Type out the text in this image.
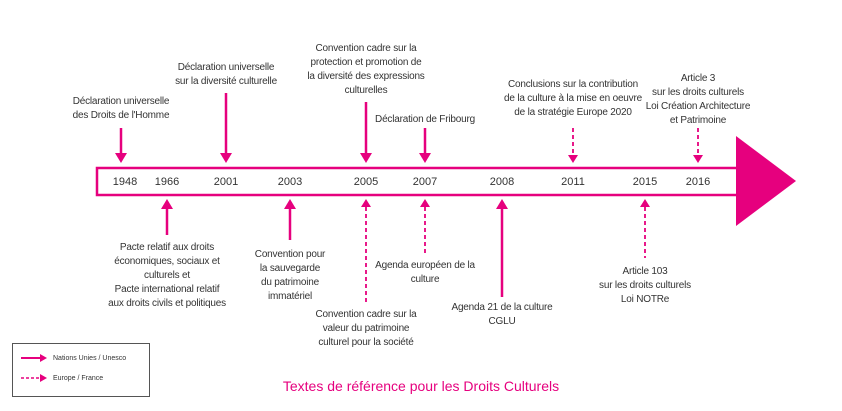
1948	1966	2001	2003	2005	2007	2008	2011	2015	2016
Déclaration universelle
des Droits de l'Homme
Déclaration universelle
sur la diversité culturelle
Convention cadre sur la
protection et promotion de
la diversité des expressions
culturelles
Déclaration de Fribourg
Conclusions sur la contribution
de la culture à la mise en oeuvre
de la stratégie Europe 2020
Article 3
sur les droits culturels
Loi Création Architecture
et Patrimoine
Pacte relatif aux droits
économiques, sociaux et
culturels et
Pacte international relatif
aux droits civils et politiques
Convention pour
la sauvegarde
du patrimoine
immatériel
Convention cadre sur la
valeur du patrimoine
culturel pour la société
Agenda européen de la
culture
Agenda 21 de la culture
CGLU
Article 103
sur les droits culturels
Loi NOTRe
Nations Unies / Unesco
Europe / France	Textes de référence pour les Droits Culturels
